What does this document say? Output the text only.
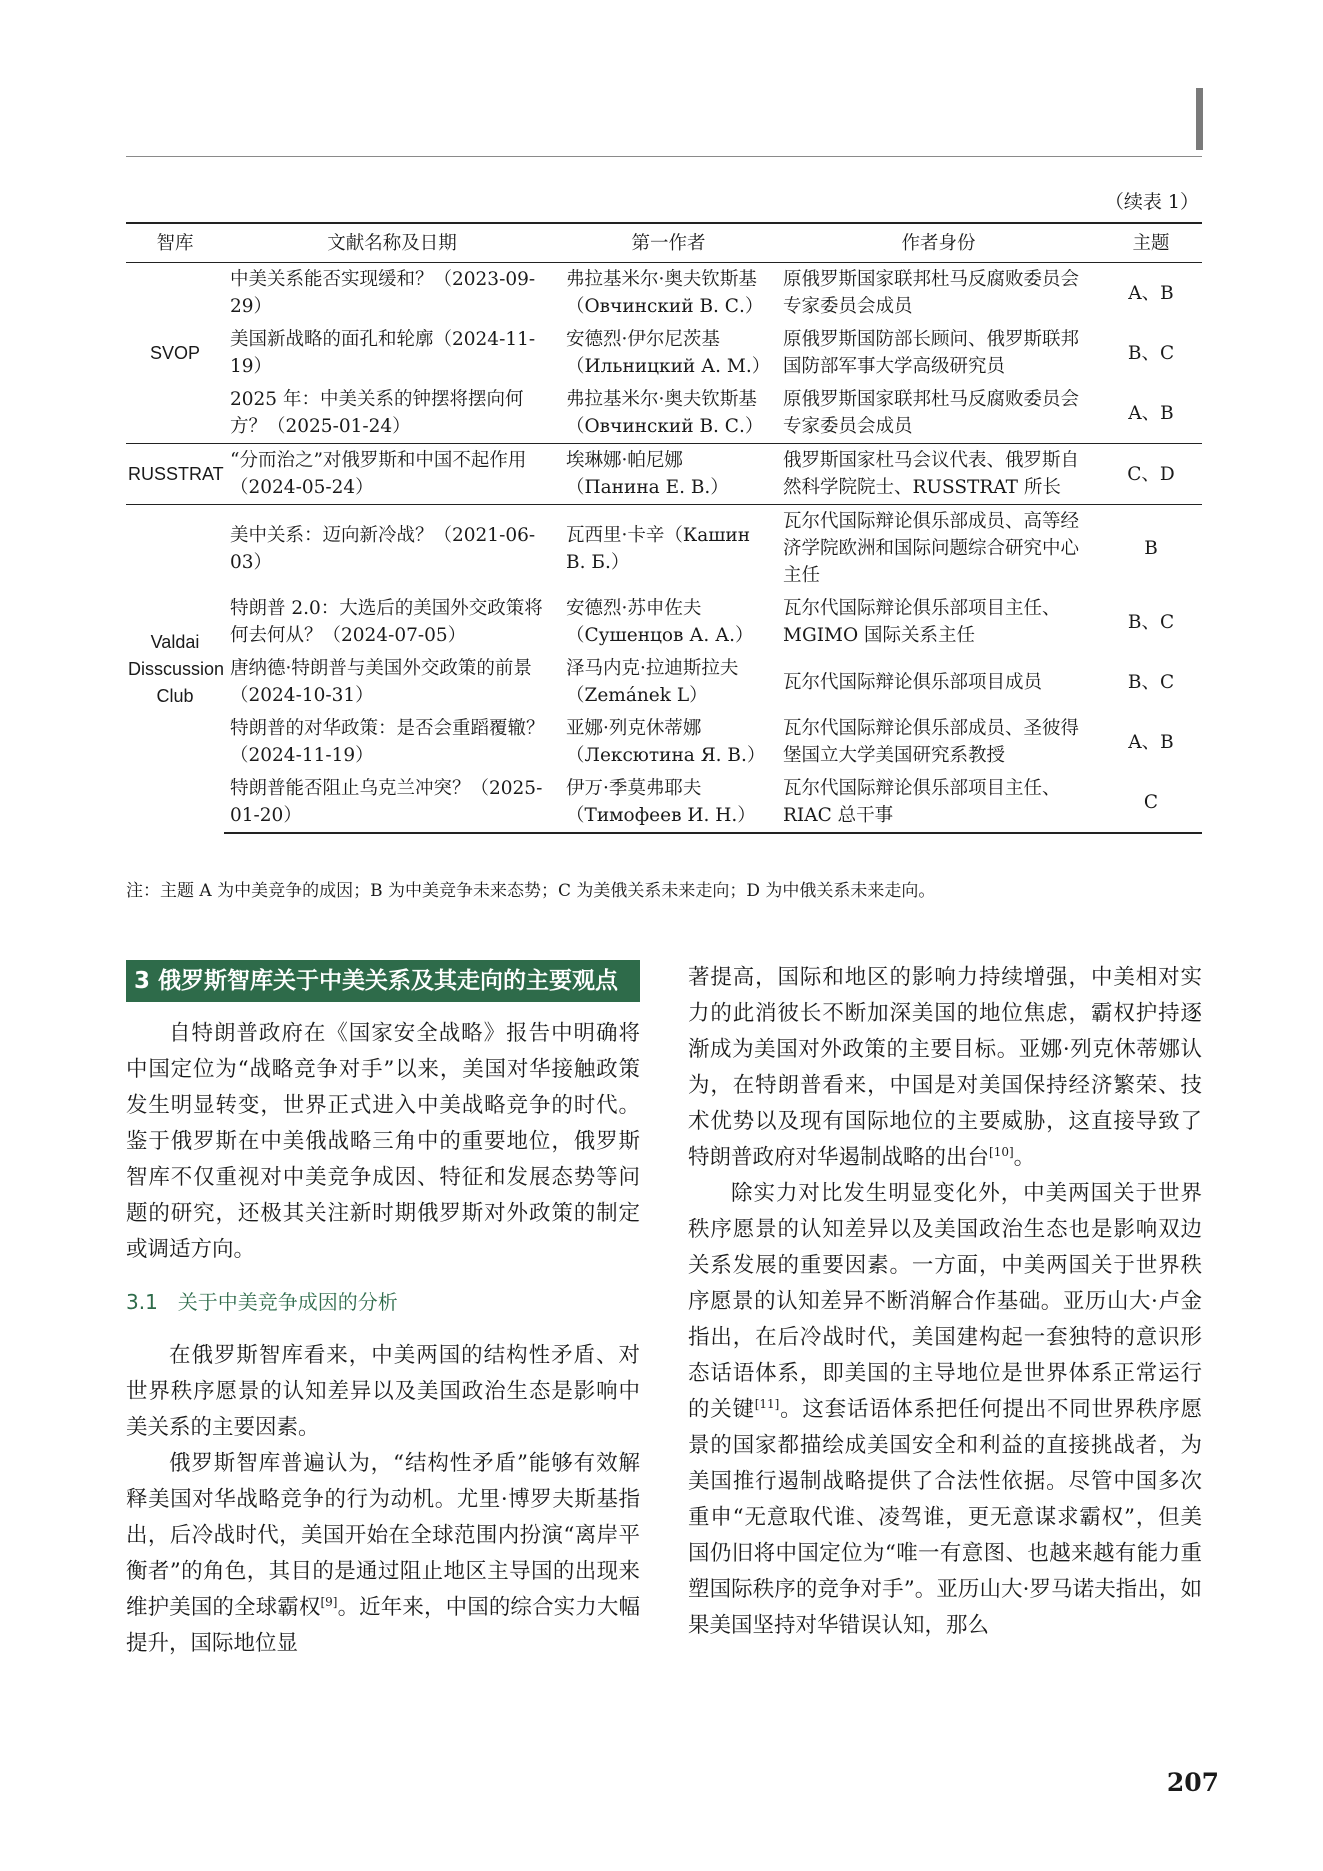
（续表 1）
智库	文献名称及日期	第一作者	作者身份	主题
SVOP	中美关系能否实现缓和？（2023-09-29）	弗拉基米尔·奥夫钦斯基（Овчинский В. С.）	原俄罗斯国家联邦杜马反腐败委员会专家委员会成员	A、B
	美国新战略的面孔和轮廓（2024-11-19）	安德烈·伊尔尼茨基（Ильницкий А. М.）	原俄罗斯国防部长顾问、俄罗斯联邦国防部军事大学高级研究员	B、C
	2025 年：中美关系的钟摆将摆向何方？（2025-01-24）	弗拉基米尔·奥夫钦斯基（Овчинский В. С.）	原俄罗斯国家联邦杜马反腐败委员会专家委员会成员	A、B
RUSSTRAT	“分而治之”对俄罗斯和中国不起作用（2024-05-24）	埃琳娜·帕尼娜（Панина Е. В.）	俄罗斯国家杜马会议代表、俄罗斯自然科学院院士、RUSSTRAT 所长	C、D
Valdai Disscussion Club	美中关系：迈向新冷战？（2021-06-03）	瓦西里·卡辛（Кашин В. Б.）	瓦尔代国际辩论俱乐部成员、高等经济学院欧洲和国际问题综合研究中心主任	B
	特朗普 2.0：大选后的美国外交政策将何去何从？（2024-07-05）	安德烈·苏申佐夫（Сушенцов А. А.）	瓦尔代国际辩论俱乐部项目主任、MGIMO 国际关系主任	B、C
	唐纳德·特朗普与美国外交政策的前景（2024-10-31）	泽马内克·拉迪斯拉夫（Zemánek L）	瓦尔代国际辩论俱乐部项目成员	B、C
	特朗普的对华政策：是否会重蹈覆辙？（2024-11-19）	亚娜·列克休蒂娜（Лексютина Я. В.）	瓦尔代国际辩论俱乐部成员、圣彼得堡国立大学美国研究系教授	A、B
	特朗普能否阻止乌克兰冲突？（2025-01-20）	伊万·季莫弗耶夫（Тимофеев И. Н.）	瓦尔代国际辩论俱乐部项目主任、RIAC 总干事	C
注：主题 A 为中美竞争的成因；B 为中美竞争未来态势；C 为美俄关系未来走向；D 为中俄关系未来走向。
3 俄罗斯智库关于中美关系及其走向的主要观点

自特朗普政府在《国家安全战略》报告中明确将中国定位为“战略竞争对手”以来，美国对华接触政策发生明显转变，世界正式进入中美战略竞争的时代。鉴于俄罗斯在中美俄战略三角中的重要地位，俄罗斯智库不仅重视对中美竞争成因、特征和发展态势等问题的研究，还极其关注新时期俄罗斯对外政策的制定或调适方向。

3.1　关于中美竞争成因的分析

在俄罗斯智库看来，中美两国的结构性矛盾、对世界秩序愿景的认知差异以及美国政治生态是影响中美关系的主要因素。

俄罗斯智库普遍认为，“结构性矛盾”能够有效解释美国对华战略竞争的行为动机。尤里·博罗夫斯基指出，后冷战时代，美国开始在全球范围内扮演“离岸平衡者”的角色，其目的是通过阻止地区主导国的出现来维护美国的全球霸权[9]。近年来，中国的综合实力大幅提升，国际地位显

著提高，国际和地区的影响力持续增强，中美相对实力的此消彼长不断加深美国的地位焦虑，霸权护持逐渐成为美国对外政策的主要目标。亚娜·列克休蒂娜认为，在特朗普看来，中国是对美国保持经济繁荣、技术优势以及现有国际地位的主要威胁，这直接导致了特朗普政府对华遏制战略的出台[10]。

除实力对比发生明显变化外，中美两国关于世界秩序愿景的认知差异以及美国政治生态也是影响双边关系发展的重要因素。一方面，中美两国关于世界秩序愿景的认知差异不断消解合作基础。亚历山大·卢金指出，在后冷战时代，美国建构起一套独特的意识形态话语体系，即美国的主导地位是世界体系正常运行的关键[11]。这套话语体系把任何提出不同世界秩序愿景的国家都描绘成美国安全和利益的直接挑战者，为美国推行遏制战略提供了合法性依据。尽管中国多次重申“无意取代谁、凌驾谁，更无意谋求霸权”，但美国仍旧将中国定位为“唯一有意图、也越来越有能力重塑国际秩序的竞争对手”。亚历山大·罗马诺夫指出，如果美国坚持对华错误认知，那么

207
